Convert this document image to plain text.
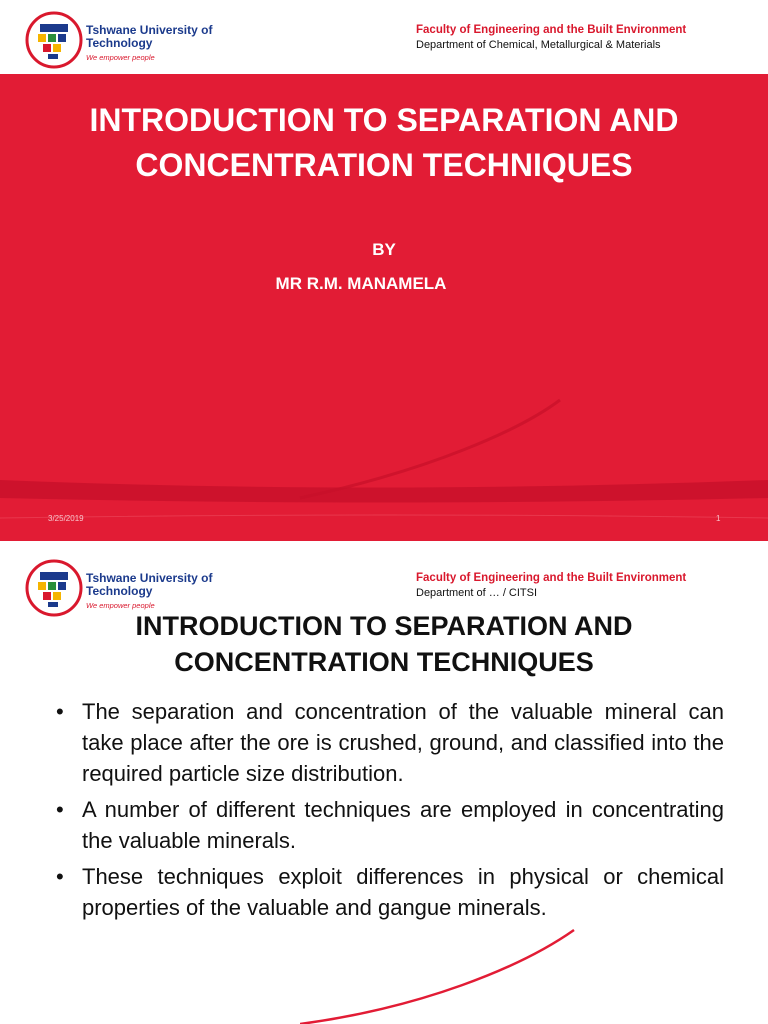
Tshwane University of Technology
We empower people
Faculty of Engineering and the Built Environment
Department of Chemical, Metallurgical & Materials
INTRODUCTION TO SEPARATION AND CONCENTRATION TECHNIQUES
BY
MR R.M. MANAMELA
3/25/2019	1
Tshwane University of Technology
We empower people
Faculty of Engineering and the Built Environment
Department of … / CITSI
INTRODUCTION TO SEPARATION AND CONCENTRATION TECHNIQUES
• The separation and concentration of the valuable mineral can take place after the ore is crushed, ground, and classified into the required particle size distribution.
• A number of different techniques are employed in concentrating the valuable minerals.
• These techniques exploit differences in physical or chemical properties of the valuable and gangue minerals.
